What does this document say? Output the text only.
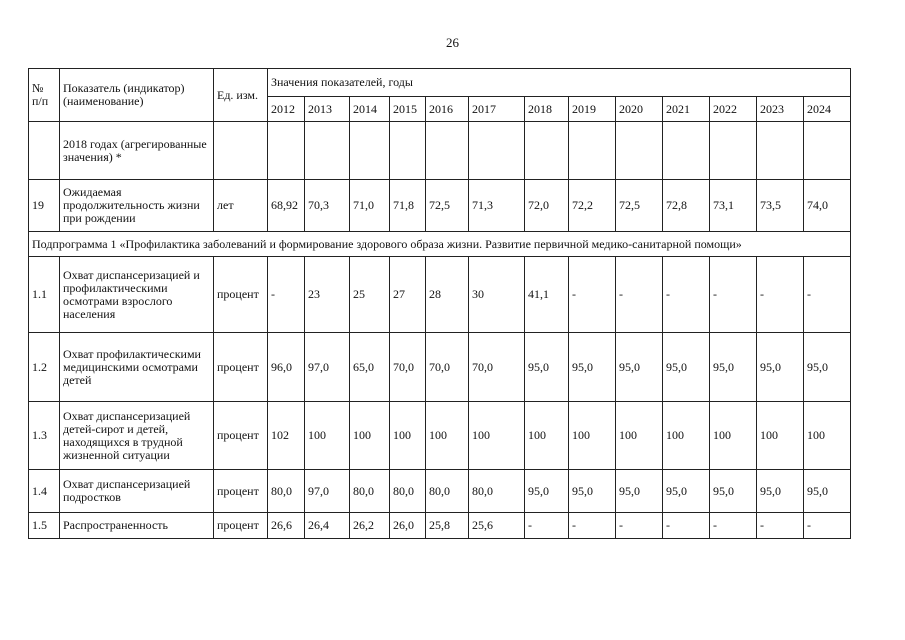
26
№ п/п	Показатель (индикатор) (наименование)	Ед. изм.	Значения показателей, годы												
			2012	2013	2014	2015	2016	2017	2018	2019	2020	2021	2022	2023	2024
	2018 годах (агрегированные значения) *														
19	Ожидаемая продолжительность жизни при рождении	лет	68,92	70,3	71,0	71,8	72,5	71,3	72,0	72,2	72,5	72,8	73,1	73,5	74,0
Подпрограмма 1 «Профилактика заболеваний и формирование здорового образа жизни. Развитие первичной медико-санитарной помощи»															
1.1	Охват диспансеризацией и профилактическими осмотрами взрослого населения	процент	-	23	25	27	28	30	41,1	-	-	-	-	-	-
1.2	Охват профилактическими медицинскими осмотрами детей	процент	96,0	97,0	65,0	70,0	70,0	70,0	95,0	95,0	95,0	95,0	95,0	95,0	95,0
1.3	Охват диспансеризацией детей-сирот и детей, находящихся в трудной жизненной ситуации	процент	102	100	100	100	100	100	100	100	100	100	100	100	100
1.4	Охват диспансеризацией подростков	процент	80,0	97,0	80,0	80,0	80,0	80,0	95,0	95,0	95,0	95,0	95,0	95,0	95,0
1.5	Распространенность	процент	26,6	26,4	26,2	26,0	25,8	25,6	-	-	-	-	-	-	-
